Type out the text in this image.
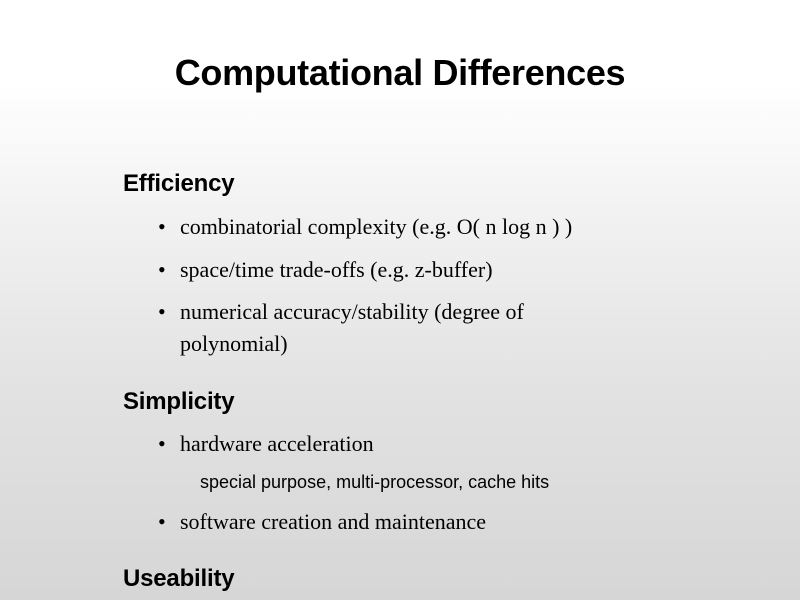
Computational Differences
Efficiency
• combinatorial complexity (e.g. O( n log n ) )
• space/time trade-offs (e.g. z-buffer)
• numerical accuracy/stability (degree of polynomial)
Simplicity
• hardware acceleration
special purpose, multi-processor, cache hits
• software creation and maintenance
Useability
